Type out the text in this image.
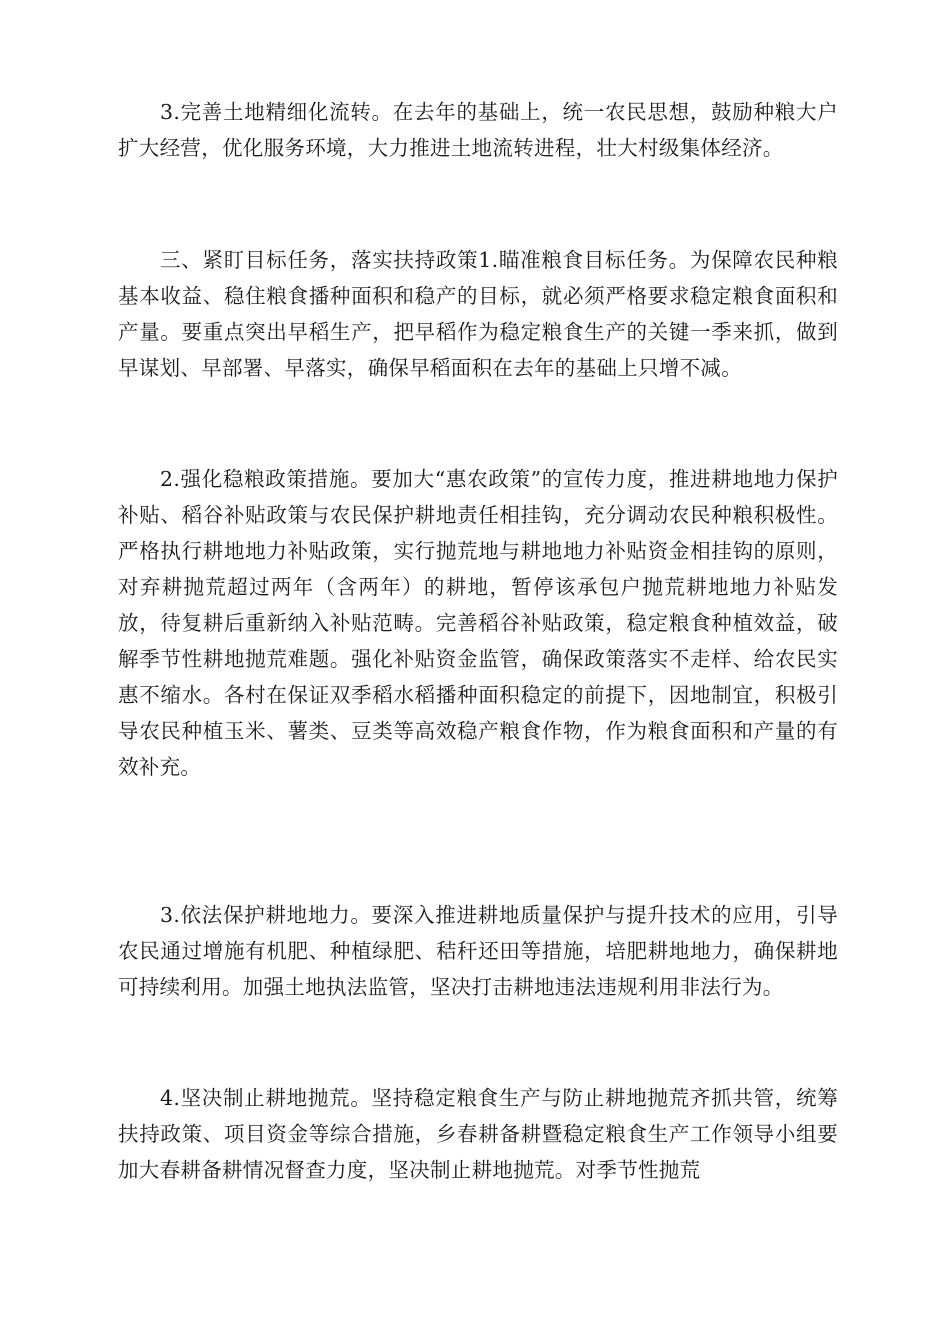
3.完善土地精细化流转。在去年的基础上，统一农民思想，鼓励种粮大户扩大经营，优化服务环境，大力推进土地流转进程，壮大村级集体经济。

三、紧盯目标任务，落实扶持政策1.瞄准粮食目标任务。为保障农民种粮基本收益、稳住粮食播种面积和稳产的目标，就必须严格要求稳定粮食面积和产量。要重点突出早稻生产，把早稻作为稳定粮食生产的关键一季来抓，做到早谋划、早部署、早落实，确保早稻面积在去年的基础上只增不减。

2.强化稳粮政策措施。要加大“惠农政策”的宣传力度，推进耕地地力保护补贴、稻谷补贴政策与农民保护耕地责任相挂钩，充分调动农民种粮积极性。严格执行耕地地力补贴政策，实行抛荒地与耕地地力补贴资金相挂钩的原则，对弃耕抛荒超过两年（含两年）的耕地，暂停该承包户抛荒耕地地力补贴发放，待复耕后重新纳入补贴范畴。完善稻谷补贴政策，稳定粮食种植效益，破解季节性耕地抛荒难题。强化补贴资金监管，确保政策落实不走样、给农民实惠不缩水。各村在保证双季稻水稻播种面积稳定的前提下，因地制宜，积极引导农民种植玉米、薯类、豆类等高效稳产粮食作物，作为粮食面积和产量的有效补充。

3.依法保护耕地地力。要深入推进耕地质量保护与提升技术的应用，引导农民通过增施有机肥、种植绿肥、秸秆还田等措施，培肥耕地地力，确保耕地可持续利用。加强土地执法监管，坚决打击耕地违法违规利用非法行为。

4.坚决制止耕地抛荒。坚持稳定粮食生产与防止耕地抛荒齐抓共管，统筹扶持政策、项目资金等综合措施，乡春耕备耕暨稳定粮食生产工作领导小组要加大春耕备耕情况督查力度，坚决制止耕地抛荒。对季节性抛荒
